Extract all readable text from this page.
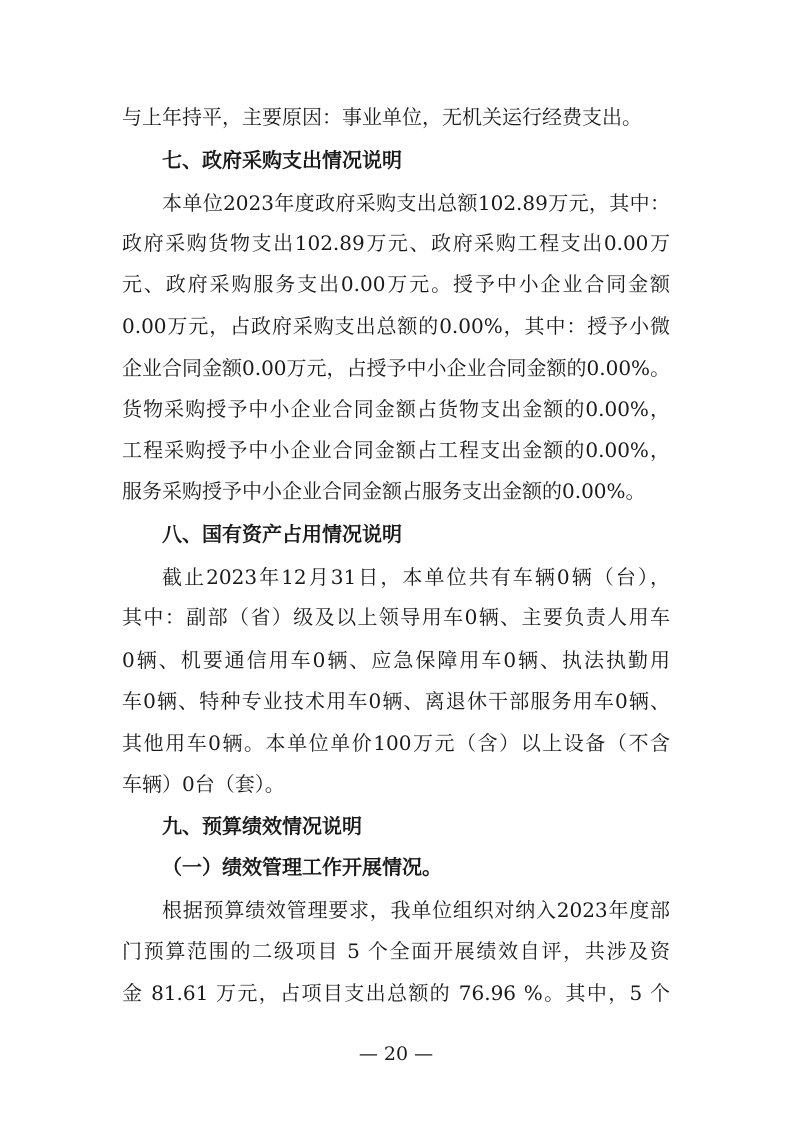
与上年持平，主要原因：事业单位，无机关运行经费支出。
七、政府采购支出情况说明
本单位2023年度政府采购支出总额102.89万元，其中：
政府采购货物支出102.89万元、政府采购工程支出0.00万
元、政府采购服务支出0.00万元。授予中小企业合同金额
0.00万元，占政府采购支出总额的0.00%，其中：授予小微
企业合同金额0.00万元，占授予中小企业合同金额的0.00%。
货物采购授予中小企业合同金额占货物支出金额的0.00%，
工程采购授予中小企业合同金额占工程支出金额的0.00%，
服务采购授予中小企业合同金额占服务支出金额的0.00%。
八、国有资产占用情况说明
截止2023年12月31日，本单位共有车辆0辆（台），
其中：副部（省）级及以上领导用车0辆、主要负责人用车
0辆、机要通信用车0辆、应急保障用车0辆、执法执勤用
车0辆、特种专业技术用车0辆、离退休干部服务用车0辆、
其他用车0辆。本单位单价100万元（含）以上设备（不含
车辆）0台（套）。
九、预算绩效情况说明
（一）绩效管理工作开展情况。
根据预算绩效管理要求，我单位组织对纳入2023年度部
门预算范围的二级项目 5 个全面开展绩效自评，共涉及资
金 81.61 万元，占项目支出总额的 76.96 %。其中，5 个
— 20 —
